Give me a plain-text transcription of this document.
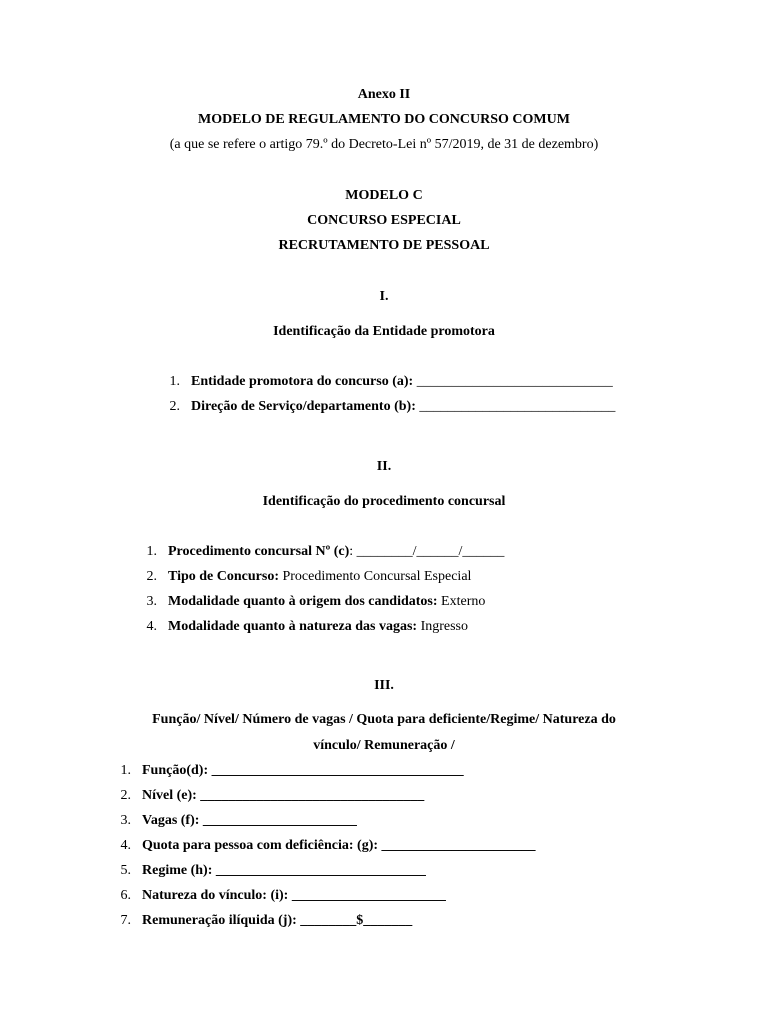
Anexo II
MODELO DE REGULAMENTO DO CONCURSO COMUM
(a que se refere o artigo 79.º do Decreto-Lei nº 57/2019, de 31 de dezembro)
MODELO C
CONCURSO ESPECIAL
RECRUTAMENTO DE PESSOAL
I.
Identificação da Entidade promotora
1. Entidade promotora do concurso (a): ____________________________
2. Direção de Serviço/departamento (b): ____________________________
II.
Identificação do procedimento concursal
1. Procedimento concursal Nº (c): ________/______/______
2. Tipo de Concurso: Procedimento Concursal Especial
3. Modalidade quanto à origem dos candidatos: Externo
4. Modalidade quanto à natureza das vagas: Ingresso
III.
Função/ Nível/ Número de vagas / Quota para deficiente/Regime/ Natureza do
vínculo/ Remuneração /
1. Função(d): ____________________________________
2. Nível (e): ________________________________
3. Vagas (f): ______________________
4. Quota para pessoa com deficiência: (g): ______________________
5. Regime (h): ______________________________
6. Natureza do vínculo: (i): ______________________
7. Remuneração ilíquida (j): ________$_______
